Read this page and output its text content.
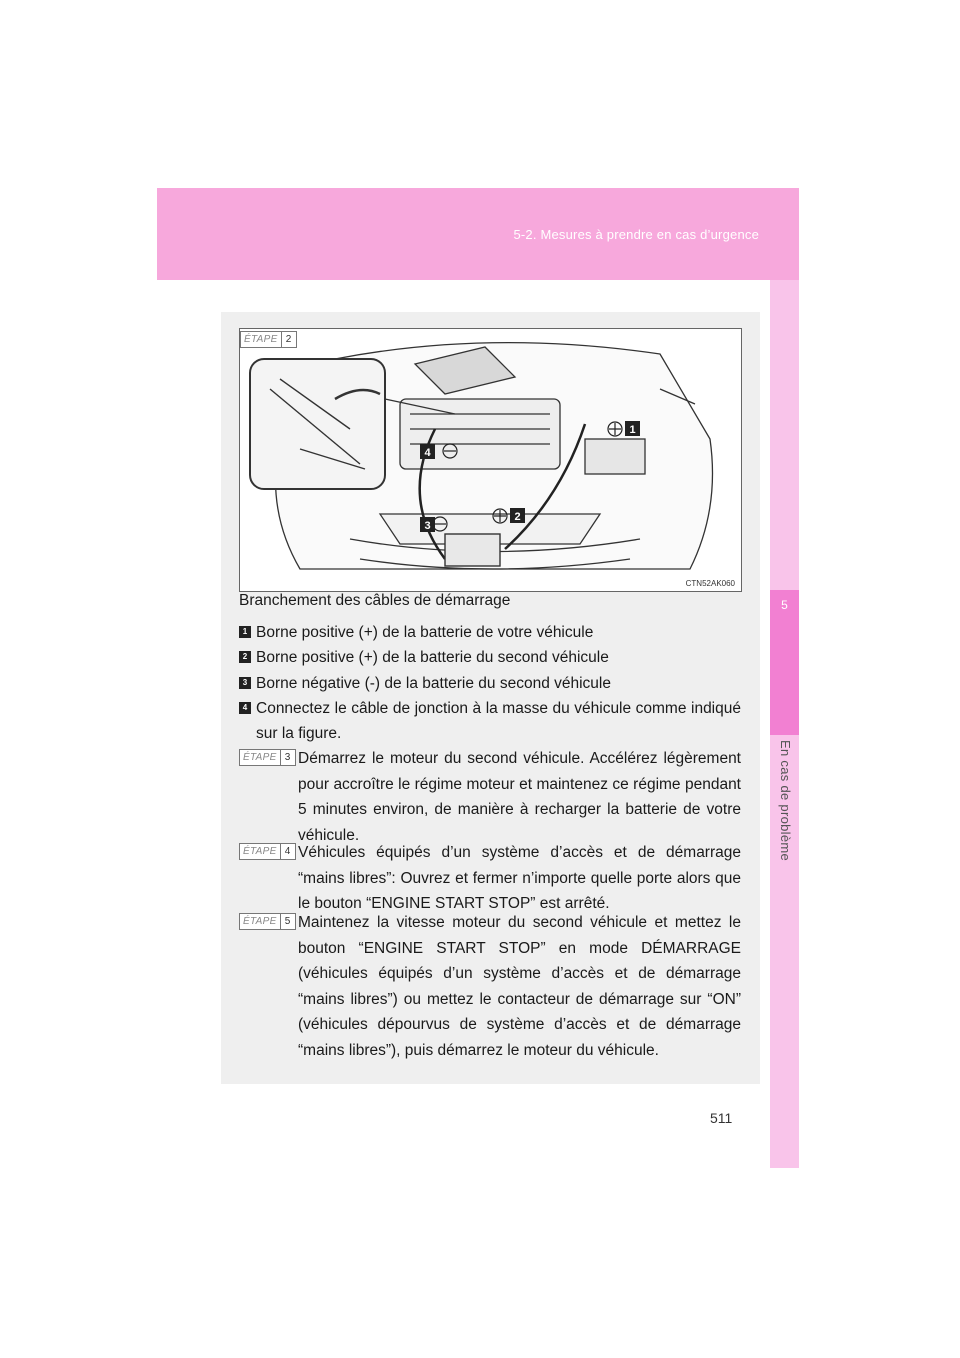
5-2. Mesures à prendre en cas d’urgence
5
En cas de problème
ÉTAPE 2
1
2
3
4
CTN52AK060
Branchement des câbles de démarrage
1 Borne positive (+) de la batterie de votre véhicule
2 Borne positive (+) de la batterie du second véhicule
3 Borne négative (-) de la batterie du second véhicule
4 Connectez le câble de jonction à la masse du véhicule comme indiqué sur la figure.
ÉTAPE 3 Démarrez le moteur du second véhicule. Accélérez légèrement pour accroître le régime moteur et maintenez ce régime pendant 5 minutes environ, de manière à recharger la batterie de votre véhicule.
ÉTAPE 4 Véhicules équipés d’un système d’accès et de démarrage “mains libres”: Ouvrez et fermer n’importe quelle porte alors que le bouton “ENGINE START STOP” est arrêté.
ÉTAPE 5 Maintenez la vitesse moteur du second véhicule et mettez le bouton “ENGINE START STOP” en mode DÉMARRAGE (véhicules équipés d’un système d’accès et de démarrage “mains libres”) ou mettez le contacteur de démarrage sur “ON” (véhicules dépourvus de système d’accès et de démarrage “mains libres”), puis démarrez le moteur du véhicule.
511
